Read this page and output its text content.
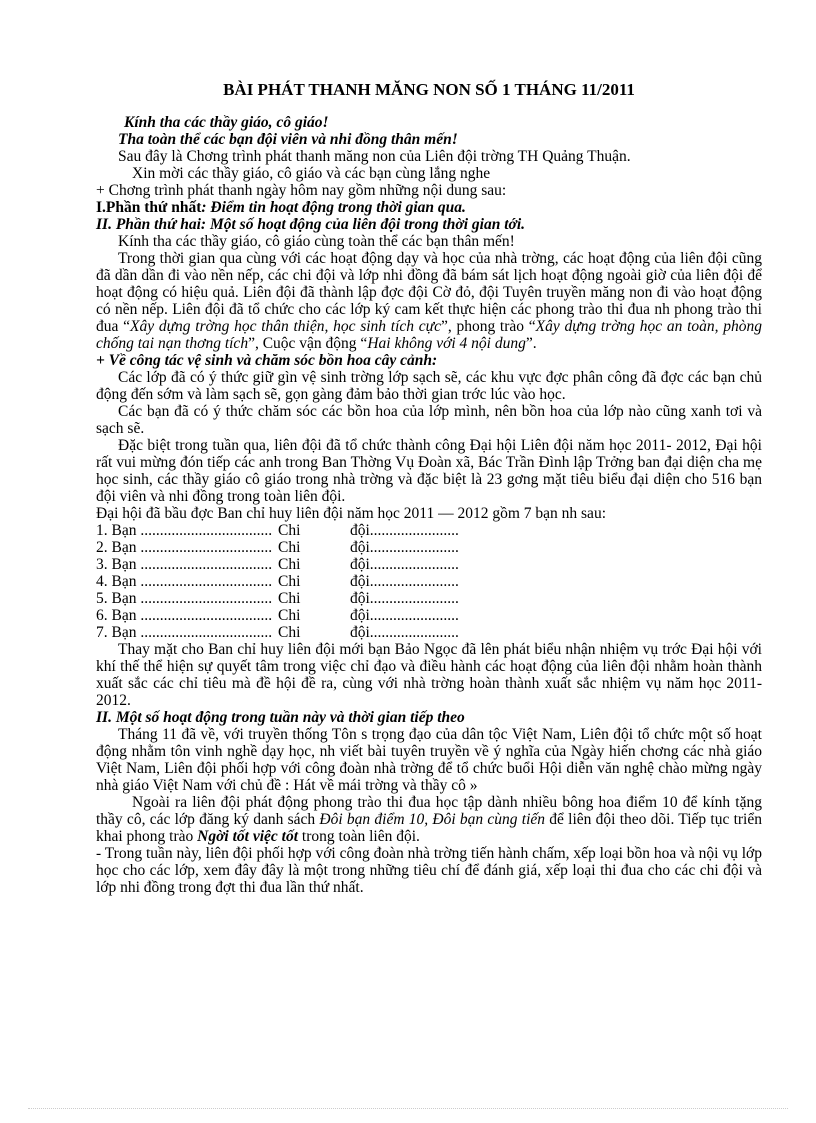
BÀI PHÁT THANH MĂNG NON SỐ 1 THÁNG 11/2011

Kính tha các thầy giáo, cô giáo!

Tha toàn thể các bạn đội viên và nhi đồng thân mến!

Sau đây là Chơng trình phát thanh măng non của Liên đội trờng TH Quảng Thuận.

Xin mời các thầy giáo, cô giáo và các bạn cùng lắng nghe

+ Chơng trình phát thanh ngày hôm nay gồm những nội dung sau:

I.Phần thứ nhất: Điểm tin hoạt động trong thời gian qua.

II. Phần thứ hai: Một số hoạt động của liên đội trong thời gian tới.

Kính tha các thầy giáo, cô giáo cùng toàn thể các bạn thân mến!

Trong thời gian qua cùng với các hoạt động dạy và học của nhà trờng, các hoạt động của liên đội cũng đã dần dần đi vào nền nếp, các chi đội và lớp nhi đồng đã bám sát lịch hoạt động ngoài giờ của liên đội để hoạt động có hiệu quả. Liên đội đã thành lập đợc đội Cờ đỏ, đội Tuyên truyền măng non đi vào hoạt động có nền nếp. Liên đội đã tổ chức cho các lớp ký cam kết thực hiện các phong trào thi đua nh phong trào thi đua “Xây dựng trờng học thân thiện, học sinh tích cực”, phong trào “Xây dựng trờng học an toàn, phòng chống tai nạn thơng tích”, Cuộc vận động “Hai không với 4 nội dung”.

+ Về công tác vệ sinh và chăm sóc bồn hoa cây cảnh:

Các lớp đã có ý thức giữ gìn vệ sinh trờng lớp sạch sẽ, các khu vực đợc phân công đã đợc các bạn chủ động đến sớm và làm sạch sẽ, gọn gàng đảm bảo thời gian trớc lúc vào học.

Các bạn đã có ý thức chăm sóc các bồn hoa của lớp mình, nên bồn hoa của lớp nào cũng xanh tơi và sạch sẽ.

Đặc biệt trong tuần qua, liên đội đã tổ chức thành công Đại hội Liên đội năm học 2011- 2012, Đại hội rất vui mừng đón tiếp các anh trong Ban Thờng Vụ Đoàn xã, Bác Trần Đình lập Trởng ban đại diện cha mẹ học sinh, các thầy giáo cô giáo trong nhà trờng và đặc biệt là 23 gơng mặt tiêu biểu đại diện cho 516 bạn đội viên và nhi đồng trong toàn liên đội.

Đại hội đã bầu đợc Ban chỉ huy liên đội năm học 2011 — 2012 gồm 7 bạn nh sau:

1. Bạn .................................. Chi	đội.......................
2. Bạn .................................. Chi	đội.......................
3. Bạn .................................. Chi	đội.......................
4. Bạn .................................. Chi	đội.......................
5. Bạn .................................. Chi	đội.......................
6. Bạn .................................. Chi	đội.......................
7. Bạn .................................. Chi	đội.......................

Thay mặt cho Ban chỉ huy liên đội mới bạn Bảo Ngọc đã lên phát biểu nhận nhiệm vụ trớc Đại hội với khí thế thể hiện sự quyết tâm trong việc chỉ đạo và điều hành các hoạt động của liên đội nhằm hoàn thành xuất sắc các chỉ tiêu mà đề hội đề ra, cùng với nhà trờng hoàn thành xuất sắc nhiệm vụ năm học 2011-2012.

II. Một số hoạt động trong tuần này và thời gian tiếp theo

Tháng 11 đã về, với truyền thống Tôn s trọng đạo của dân tộc Việt Nam, Liên đội tổ chức một số hoạt động nhằm tôn vinh nghề dạy học, nh viết bài tuyên truyền về ý nghĩa của Ngày hiến chơng các nhà giáo Việt Nam, Liên đội phối hợp với công đoàn nhà trờng để tổ chức buổi Hội diễn văn nghệ chào mừng ngày nhà giáo Việt Nam với chủ đề : Hát về mái trờng và thầy cô »

Ngoài ra liên đội phát động phong trào thi đua học tập dành nhiều bông hoa điểm 10 để kính tặng thầy cô, các lớp đăng ký danh sách Đôi bạn điểm 10, Đôi bạn cùng tiến để liên đội theo dõi. Tiếp tục triển khai phong trào Ngời tốt việc tốt trong toàn liên đội.

- Trong tuần này, liên đội phối hợp với công đoàn nhà trờng tiến hành chấm, xếp loại bồn hoa và nội vụ lớp học cho các lớp, xem đây đây là một trong những tiêu chí để đánh giá, xếp loại thi đua cho các chi đội và lớp nhi đồng trong đợt thi đua lần thứ nhất.
